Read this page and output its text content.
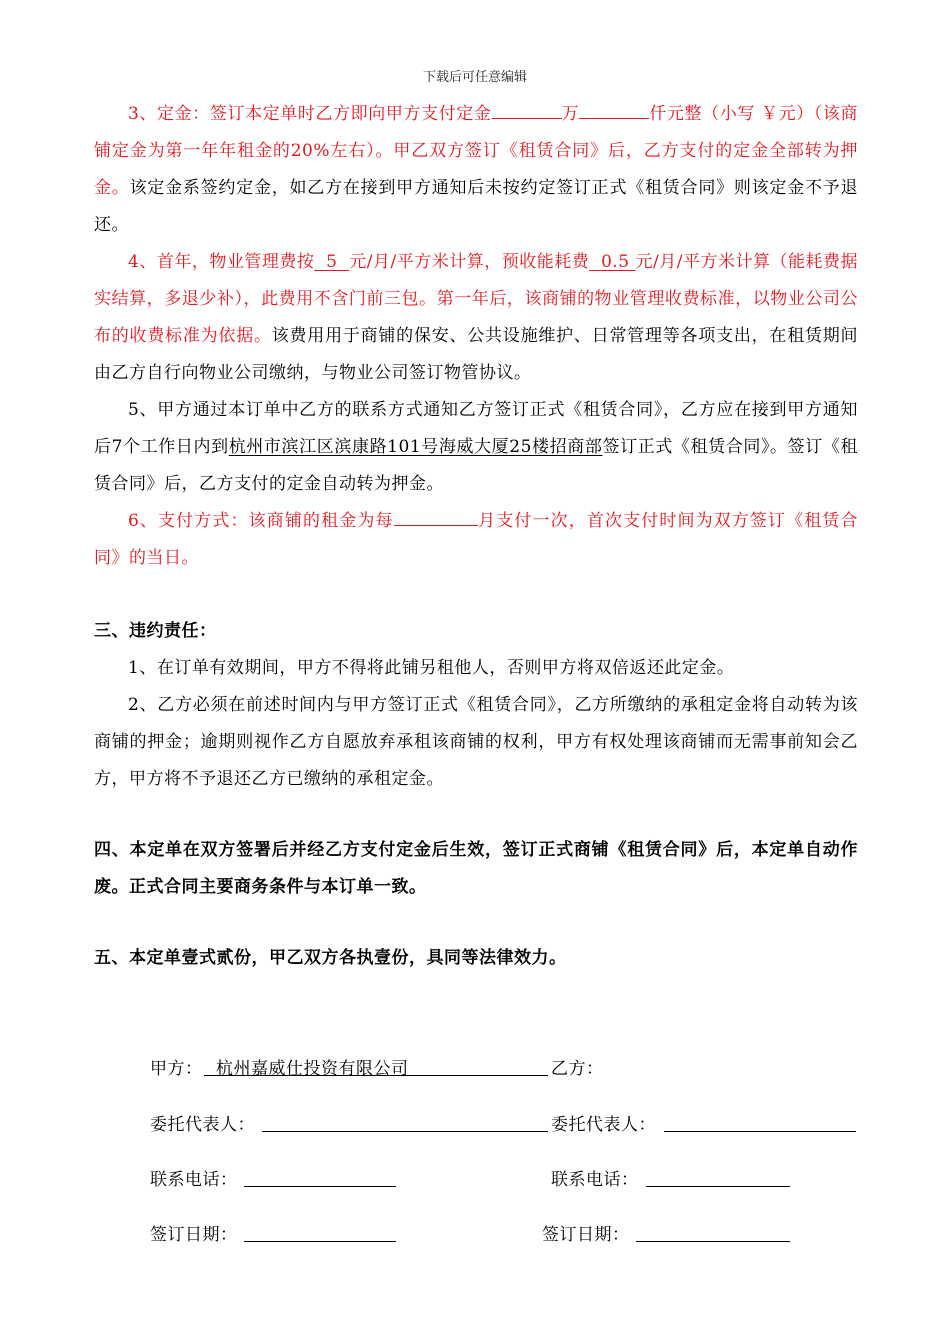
下载后可任意编辑

3、定金：签订本定单时乙方即向甲方支付定金	万	仟元整（小写 ￥元）（该商铺定金为第一年年租金的20%左右）。甲乙双方签订《租赁合同》后，乙方支付的定金全部转为押金。该定金系签约定金，如乙方在接到甲方通知后未按约定签订正式《租赁合同》则该定金不予退还。

4、首年，物业管理费按 5 元/月/平方米计算，预收能耗费 0.5 元/月/平方米计算（能耗费据实结算，多退少补），此费用不含门前三包。第一年后，该商铺的物业管理收费标准，以物业公司公布的收费标准为依据。该费用用于商铺的保安、公共设施维护、日常管理等各项支出，在租赁期间由乙方自行向物业公司缴纳，与物业公司签订物管协议。

5、甲方通过本订单中乙方的联系方式通知乙方签订正式《租赁合同》，乙方应在接到甲方通知后7个工作日内到杭州市滨江区滨康路101号海威大厦25楼招商部签订正式《租赁合同》。签订《租赁合同》后，乙方支付的定金自动转为押金。

6、支付方式：该商铺的租金为每	月支付一次，首次支付时间为双方签订《租赁合同》的当日。

三、违约责任：

1、在订单有效期间，甲方不得将此铺另租他人，否则甲方将双倍返还此定金。

2、乙方必须在前述时间内与甲方签订正式《租赁合同》，乙方所缴纳的承租定金将自动转为该商铺的押金；逾期则视作乙方自愿放弃承租该商铺的权利，甲方有权处理该商铺而无需事前知会乙方，甲方将不予退还乙方已缴纳的承租定金。

四、本定单在双方签署后并经乙方支付定金后生效，签订正式商铺《租赁合同》后，本定单自动作废。正式合同主要商务条件与本订单一致。

五、本定单壹式贰份，甲乙双方各执壹份，具同等法律效力。

甲方： 杭州嘉威仕投资有限公司	乙方：
委托代表人：	委托代表人：
联系电话：	联系电话：
签订日期：	签订日期：
